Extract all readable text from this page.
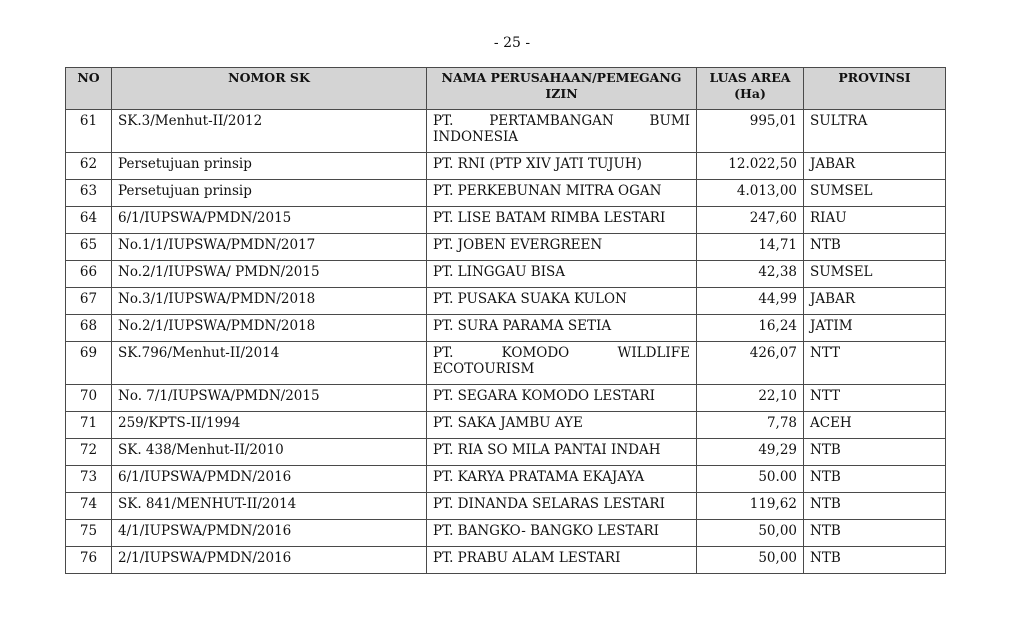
- 25 -
NO	NOMOR SK	NAMA PERUSAHAAN/PEMEGANG IZIN	LUAS AREA (Ha)	PROVINSI
61	SK.3/Menhut-II/2012	PT. PERTAMBANGAN BUMI INDONESIA	995,01	SULTRA
62	Persetujuan prinsip	PT. RNI (PTP XIV JATI TUJUH)	12.022,50	JABAR
63	Persetujuan prinsip	PT. PERKEBUNAN MITRA OGAN	4.013,00	SUMSEL
64	6/1/IUPSWA/PMDN/2015	PT. LISE BATAM RIMBA LESTARI	247,60	RIAU
65	No.1/1/IUPSWA/PMDN/2017	PT. JOBEN EVERGREEN	14,71	NTB
66	No.2/1/IUPSWA/ PMDN/2015	PT. LINGGAU BISA	42,38	SUMSEL
67	No.3/1/IUPSWA/PMDN/2018	PT. PUSAKA SUAKA KULON	44,99	JABAR
68	No.2/1/IUPSWA/PMDN/2018	PT. SURA PARAMA SETIA	16,24	JATIM
69	SK.796/Menhut-II/2014	PT. KOMODO WILDLIFE ECOTOURISM	426,07	NTT
70	No. 7/1/IUPSWA/PMDN/2015	PT. SEGARA KOMODO LESTARI	22,10	NTT
71	259/KPTS-II/1994	PT. SAKA JAMBU AYE	7,78	ACEH
72	SK. 438/Menhut-II/2010	PT. RIA SO MILA PANTAI INDAH	49,29	NTB
73	6/1/IUPSWA/PMDN/2016	PT. KARYA PRATAMA EKAJAYA	50.00	NTB
74	SK. 841/MENHUT-II/2014	PT. DINANDA SELARAS LESTARI	119,62	NTB
75	4/1/IUPSWA/PMDN/2016	PT. BANGKO- BANGKO LESTARI	50,00	NTB
76	2/1/IUPSWA/PMDN/2016	PT. PRABU ALAM LESTARI	50,00	NTB
